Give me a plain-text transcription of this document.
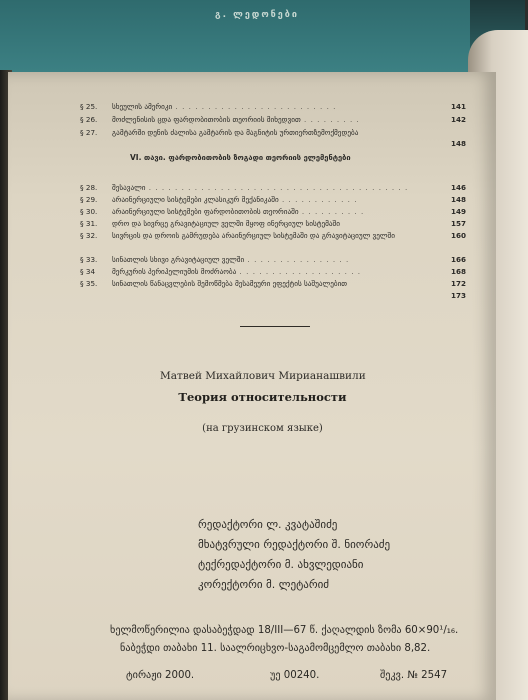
გ. ლედონები
§ 25. სხეულის ამერიკი . . . . . . . . . . . . . . . . . . . . . . . . .	141
§ 26. მოძლენისის ცდა ფარდობითობის თეორიის მიხედვით . . . . . . . . .	142
§ 27. გამტარში დენის ძალისა გამტარის და მაგნიტის ურთიერთზემოქმედება
148
VI. თავი. ფარდობითობის ზოგადი თეორიის ელემენტები
§ 28. შესავალი . . . . . . . . . . . . . . . . . . . . . . . . . . . . . . . . . . . . . . . .	146
§ 29. არაინერციული სისტემები კლასიკურ მექანიკაში . . . . . . . . . . . .	148
§ 30. არაინერციული სისტემები ფარდობითობის თეორიაში . . . . . . . . . .	149
§ 31. დრო და სივრცე გრავიტაციულ ველში მყოფ ინერციულ სისტემაში	157
§ 32. სივრცის და დროის გამრუდება არაინერციულ სისტემაში და გრავიტაციულ ველში	160
§ 33. სინათლის სხივი გრავიტაციულ ველში . . . . . . . . . . . . . . . .	166
§ 34 მერკურის პერიჰელიუმის მოძრაობა . . . . . . . . . . . . . . . . . . .	168
§ 35. სინათლის წანაცვლების შემოწმება მესამეური ეფექტის საშუალებით	172
173
Матвей Михайлович Мирианашвили
Теория относительности
(на грузинском языке)
რედაქტორი ლ. კვატაშიძე
მხატვრული რედაქტორი შ. ნიორაძე
ტექრედაქტორი მ. ახვლედიანი
კორექტორი მ. ლეტარიძ
ხელმოწერილია დასაბეჭდად 18/III—67 წ. ქაღალდის ზომა 60×90¹/₁₆.
ნაბეჭდი თაბახი 11. საალრიცხვო-საგამომცემლო თაბახი 8,82.
ტირაჟი 2000.	უე 00240.	შეკვ. № 2547
